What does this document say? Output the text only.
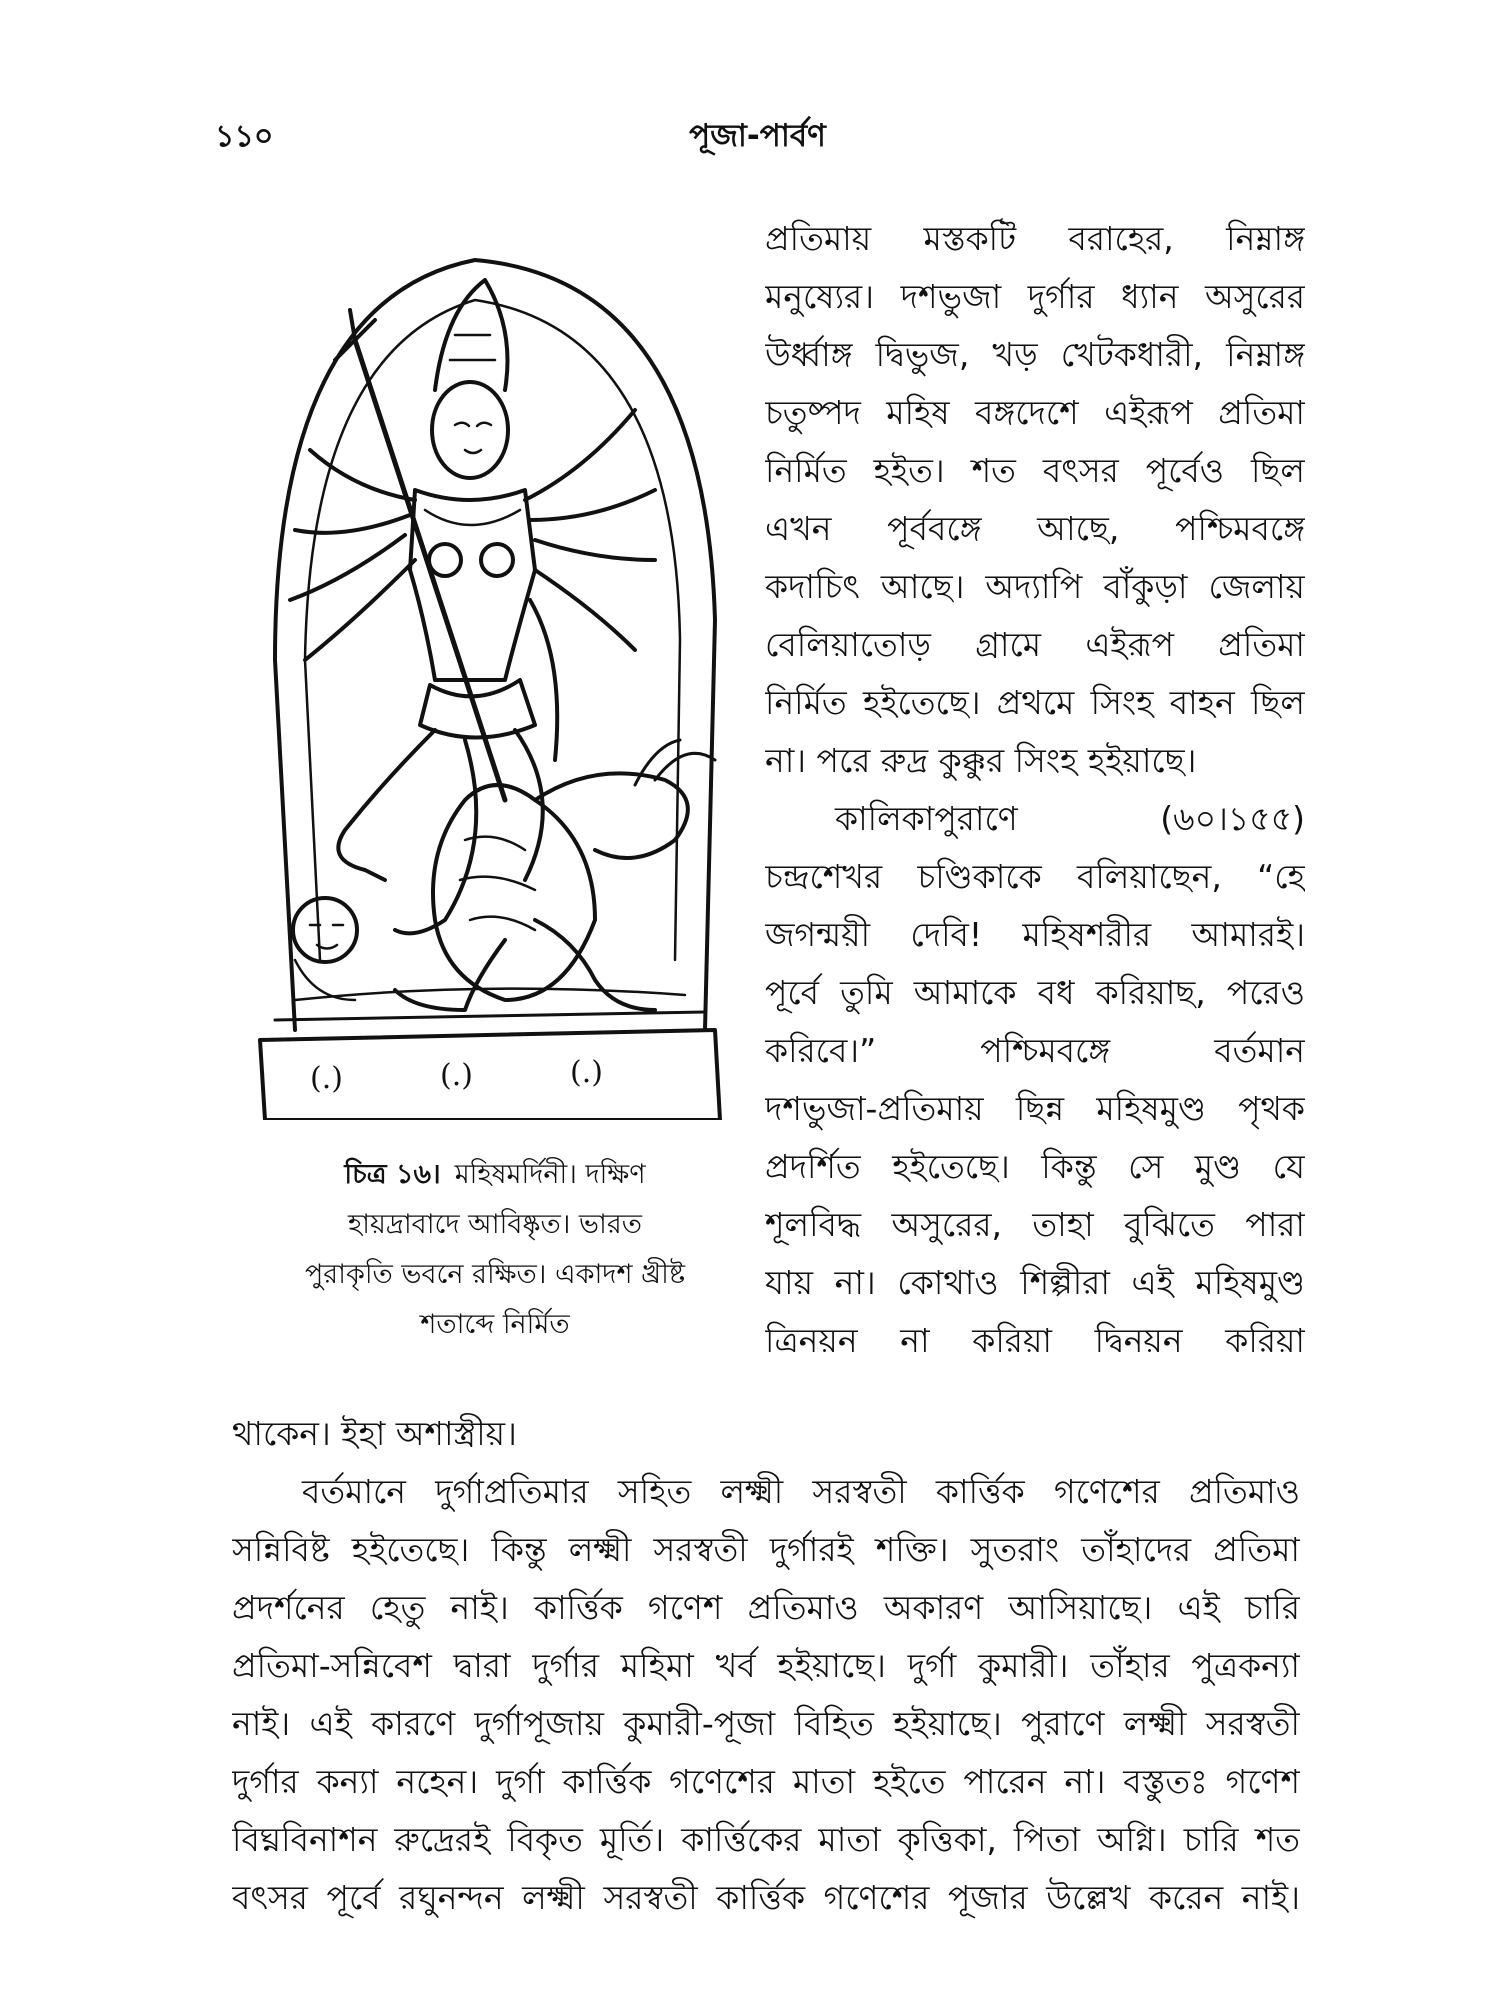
১১০	পূজা-পার্বণ
(.)	(.)	(.)
চিত্র ১৬। মহিষমর্দিনী। দক্ষিণ
হায়দ্রাবাদে আবিষ্কৃত। ভারত
পুরাকৃতি ভবনে রক্ষিত। একাদশ খ্রীষ্ট
শতাব্দে নির্মিত
প্রতিমায় মস্তকটি বরাহের, নিম্নাঙ্গ
মনুষ্যের। দশভুজা দুর্গার ধ্যান অসুরের
উর্ধ্বাঙ্গ দ্বিভুজ, খড় খেটকধারী, নিম্নাঙ্গ
চতুষ্পদ মহিষ বঙ্গদেশে এইরূপ প্রতিমা
নির্মিত হইত। শত বৎসর পূর্বেও ছিল
এখন পূর্ববঙ্গে আছে, পশ্চিমবঙ্গে
কদাচিৎ আছে। অদ্যাপি বাঁকুড়া জেলায়
বেলিয়াতোড় গ্রামে এইরূপ প্রতিমা
নির্মিত হইতেছে। প্রথমে সিংহ বাহন ছিল
না। পরে রুদ্র কুক্কুর সিংহ হইয়াছে।
কালিকাপুরাণে (৬০।১৫৫)
চন্দ্রশেখর চণ্ডিকাকে বলিয়াছেন, “হে
জগন্ময়ী দেবি! মহিষশরীর আমারই।
পূর্বে তুমি আমাকে বধ করিয়াছ, পরেও
করিবে।” পশ্চিমবঙ্গে বর্তমান
দশভুজা-প্রতিমায় ছিন্ন মহিষমুণ্ড পৃথক
প্রদর্শিত হইতেছে। কিন্তু সে মুণ্ড যে
শূলবিদ্ধ অসুরের, তাহা বুঝিতে পারা
যায় না। কোথাও শিল্পীরা এই মহিষমুণ্ড
ত্রিনয়ন না করিয়া দ্বিনয়ন করিয়া
থাকেন। ইহা অশাস্ত্রীয়।
বর্তমানে দুর্গাপ্রতিমার সহিত লক্ষ্মী সরস্বতী কার্ত্তিক গণেশের প্রতিমাও
সন্নিবিষ্ট হইতেছে। কিন্তু লক্ষ্মী সরস্বতী দুর্গারই শক্তি। সুতরাং তাঁহাদের প্রতিমা
প্রদর্শনের হেতু নাই। কার্ত্তিক গণেশ প্রতিমাও অকারণ আসিয়াছে। এই চারি
প্রতিমা-সন্নিবেশ দ্বারা দুর্গার মহিমা খর্ব হইয়াছে। দুর্গা কুমারী। তাঁহার পুত্রকন্যা
নাই। এই কারণে দুর্গাপূজায় কুমারী-পূজা বিহিত হইয়াছে। পুরাণে লক্ষ্মী সরস্বতী
দুর্গার কন্যা নহেন। দুর্গা কার্ত্তিক গণেশের মাতা হইতে পারেন না। বস্তুতঃ গণেশ
বিঘ্নবিনাশন রুদ্রেরই বিকৃত মূর্তি। কার্ত্তিকের মাতা কৃত্তিকা, পিতা অগ্নি। চারি শত
বৎসর পূর্বে রঘুনন্দন লক্ষ্মী সরস্বতী কার্ত্তিক গণেশের পূজার উল্লেখ করেন নাই।
